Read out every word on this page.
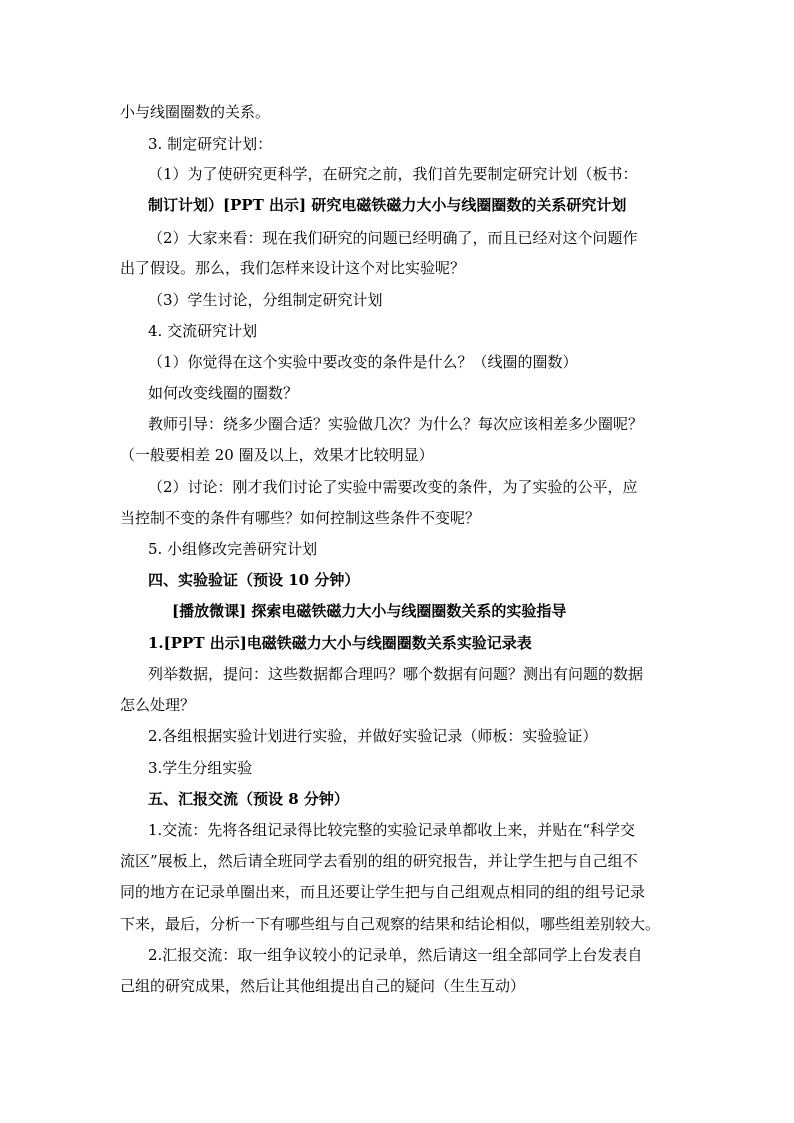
小与线圈圈数的关系。
3. 制定研究计划：
（1）为了使研究更科学，在研究之前，我们首先要制定研究计划（板书：
制订计划）[PPT 出示] 研究电磁铁磁力大小与线圈圈数的关系研究计划
（2）大家来看：现在我们研究的问题已经明确了，而且已经对这个问题作
出了假设。那么，我们怎样来设计这个对比实验呢？
（3）学生讨论，分组制定研究计划
4. 交流研究计划
（1）你觉得在这个实验中要改变的条件是什么？（线圈的圈数）
如何改变线圈的圈数？
教师引导：绕多少圈合适？实验做几次？为什么？每次应该相差多少圈呢？
（一般要相差 20 圈及以上，效果才比较明显）
（2）讨论：刚才我们讨论了实验中需要改变的条件，为了实验的公平，应
当控制不变的条件有哪些？如何控制这些条件不变呢？
5. 小组修改完善研究计划
四、实验验证（预设 10 分钟）
[播放微课] 探索电磁铁磁力大小与线圈圈数关系的实验指导
1.[PPT 出示]电磁铁磁力大小与线圈圈数关系实验记录表
列举数据，提问：这些数据都合理吗？哪个数据有问题？测出有问题的数据
怎么处理？
2.各组根据实验计划进行实验，并做好实验记录（师板：实验验证）
3.学生分组实验
五、汇报交流（预设 8 分钟）
1.交流：先将各组记录得比较完整的实验记录单都收上来，并贴在“科学交
流区”展板上，然后请全班同学去看别的组的研究报告，并让学生把与自己组不
同的地方在记录单圈出来，而且还要让学生把与自己组观点相同的组的组号记录
下来，最后，分析一下有哪些组与自己观察的结果和结论相似，哪些组差别较大。
2.汇报交流：取一组争议较小的记录单，然后请这一组全部同学上台发表自
己组的研究成果，然后让其他组提出自己的疑问（生生互动）
